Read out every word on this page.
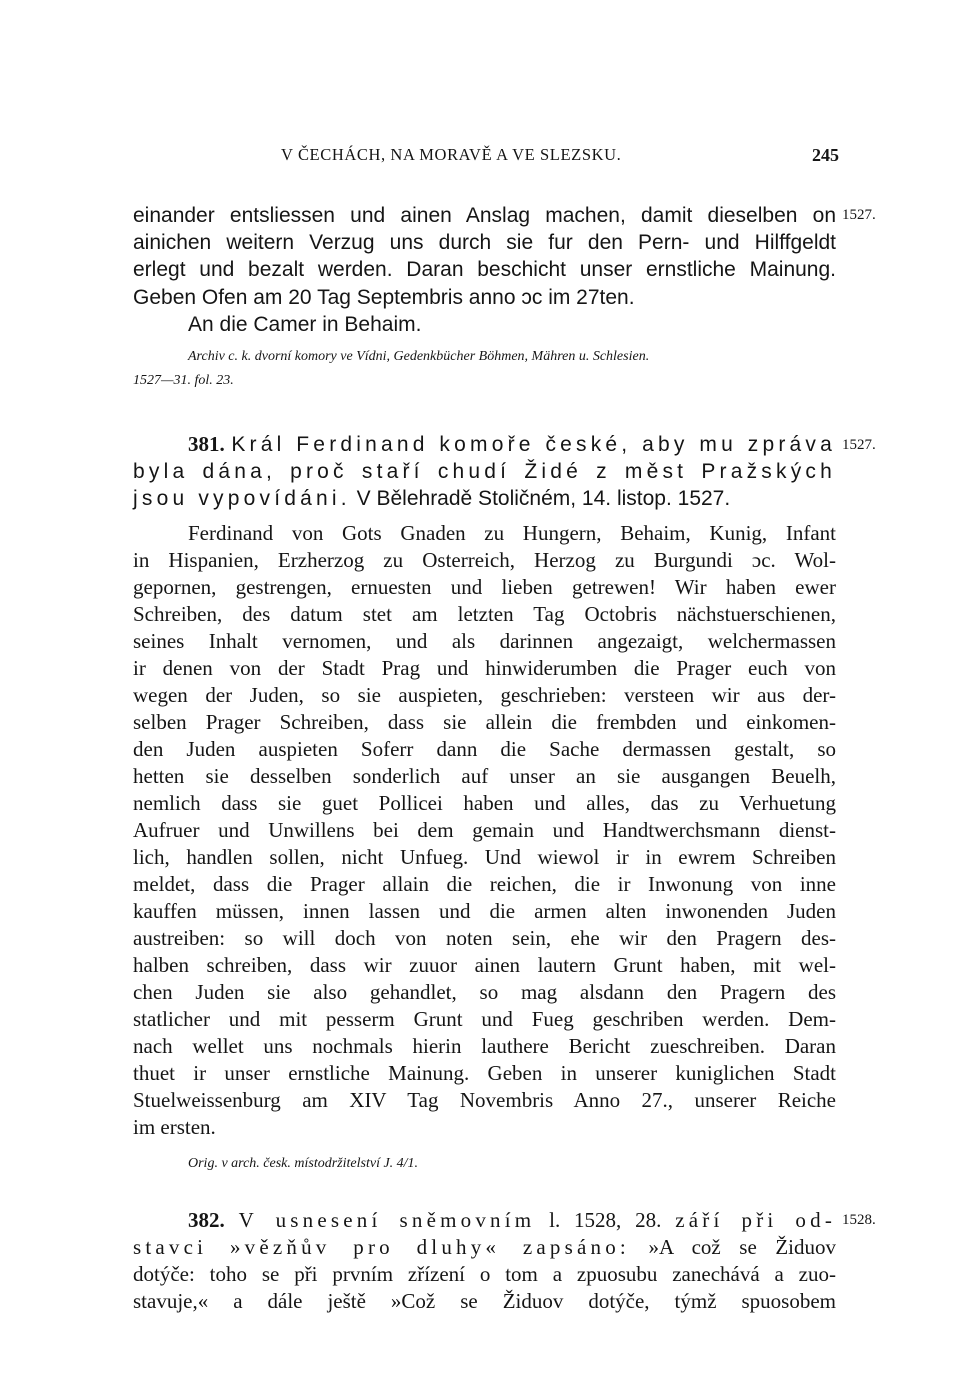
V ČECHÁCH, NA MORAVĚ A VE SLEZSKU.	245
einander entsliessen und ainen Anslag machen, damit dieselben on 1527.
ainichen weitern Verzug uns durch sie fur den Pern- und Hilffgeldt
erlegt und bezalt werden. Daran beschicht unser ernstliche Mainung.
Geben Ofen am 20 Tag Septembris anno ɔc im 27ten.
An die Camer in Behaim.
Archiv c. k. dvorní komory ve Vídni, Gedenkbücher Böhmen, Mähren u. Schlesien.
1527—31. fol. 23.
381. Král Ferdinand komoře české, aby mu zpráva 1527.
byla dána, proč staří chudí Židé z měst Pražských
jsou vypovídáni. V Bělehradě Stoličném, 14. listop. 1527.
Ferdinand von Gots Gnaden zu Hungern, Behaim, Kunig, Infant
in Hispanien, Erzherzog zu Osterreich, Herzog zu Burgundi ɔc. Wol-
gepornen, gestrengen, ernuesten und lieben getrewen! Wir haben ewer
Schreiben, des datum stet am letzten Tag Octobris nächstuerschienen,
seines Inhalt vernomen, und als darinnen angezaigt, welchermassen
ir denen von der Stadt Prag und hinwiderumben die Prager euch von
wegen der Juden, so sie auspieten, geschrieben: versteen wir aus der-
selben Prager Schreiben, dass sie allein die frembden und einkomen-
den Juden auspieten Soferr dann die Sache dermassen gestalt, so
hetten sie desselben sonderlich auf unser an sie ausgangen Beuelh,
nemlich dass sie guet Pollicei haben und alles, das zu Verhuetung
Aufruer und Unwillens bei dem gemain und Handtwerchsmann dienst-
lich, handlen sollen, nicht Unfueg. Und wiewol ir in ewrem Schreiben
meldet, dass die Prager allain die reichen, die ir Inwonung von inne
kauffen müssen, innen lassen und die armen alten inwonenden Juden
austreiben: so will doch von noten sein, ehe wir den Pragern des-
halben schreiben, dass wir zuuor ainen lautern Grunt haben, mit wel-
chen Juden sie also gehandlet, so mag alsdann den Pragern des
statlicher und mit pesserm Grunt und Fueg geschriben werden. Dem-
nach wellet uns nochmals hierin lauthere Bericht zueschreiben. Daran
thuet ir unser ernstliche Mainung. Geben in unserer kuniglichen Stadt
Stuelweissenburg am XIV Tag Novembris Anno 27., unserer Reiche
im ersten.
Orig. v arch. česk. místodržitelství J. 4/1.
382. V usnesení sněmovním l. 1528, 28. září při od- 1528.
stavci »vězňův pro dluhy« zapsáno: »A což se Židuov
dotýče: toho se při prvním zřízení o tom a zpuosubu zanechává a zuo-
stavuje,« a dále ještě »Což se Židuov dotýče, týmž spuosobem
